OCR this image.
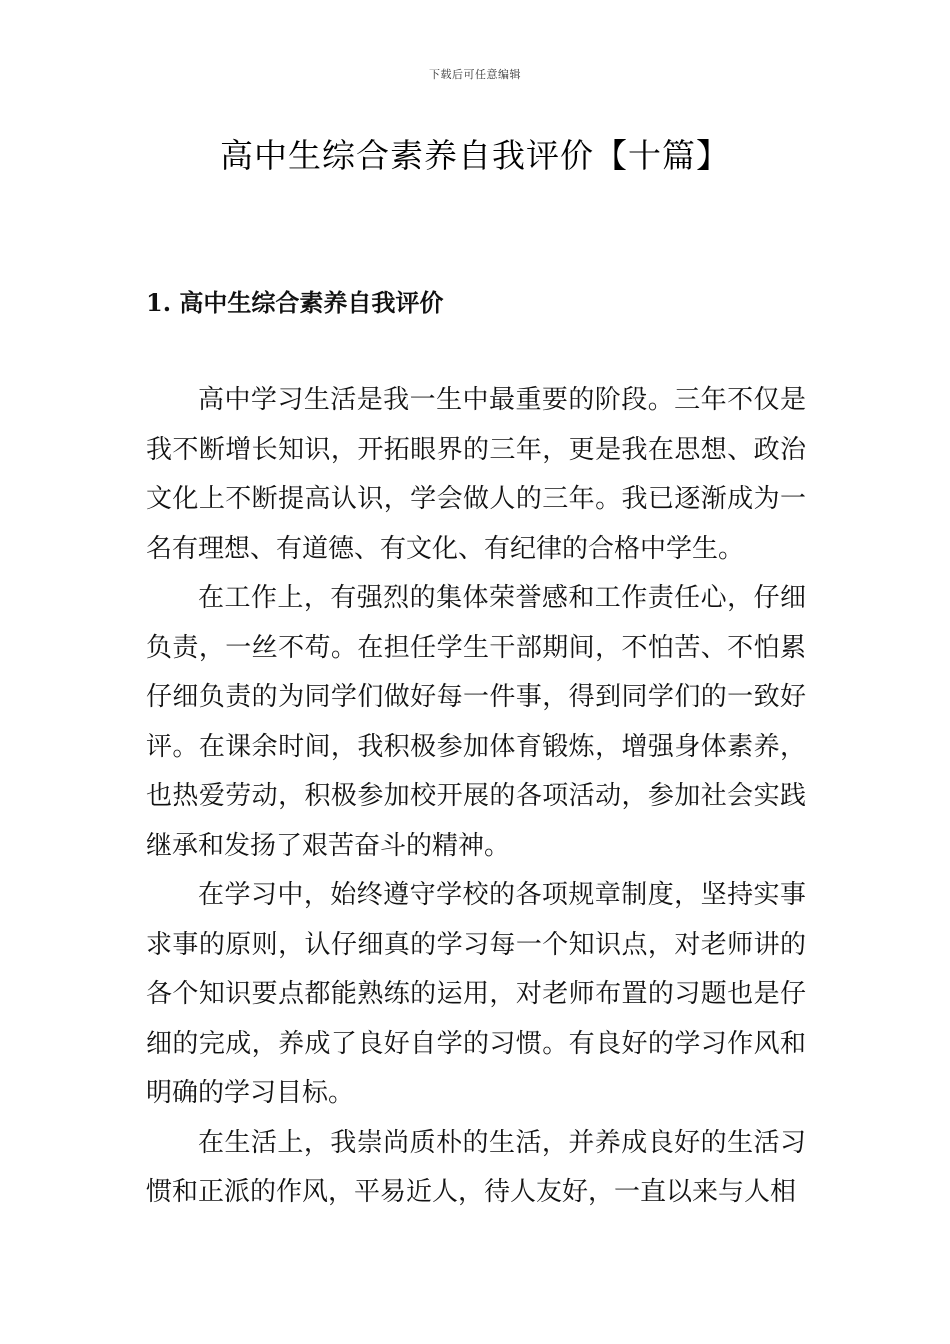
下载后可任意编辑
高中生综合素养自我评价【十篇】
1. 高中生综合素养自我评价

高中学习生活是我一生中最重要的阶段。三年不仅是我不断增长知识，开拓眼界的三年，更是我在思想、政治文化上不断提高认识，学会做人的三年。我已逐渐成为一名有理想、有道德、有文化、有纪律的合格中学生。

在工作上，有强烈的集体荣誉感和工作责任心，仔细负责，一丝不苟。在担任学生干部期间，不怕苦、不怕累仔细负责的为同学们做好每一件事，得到同学们的一致好评。在课余时间，我积极参加体育锻炼，增强身体素养，也热爱劳动，积极参加校开展的各项活动，参加社会实践继承和发扬了艰苦奋斗的精神。

在学习中，始终遵守学校的各项规章制度，坚持实事求事的原则，认仔细真的学习每一个知识点，对老师讲的各个知识要点都能熟练的运用，对老师布置的习题也是仔细的完成，养成了良好自学的习惯。有良好的学习作风和明确的学习目标。

在生活上，我崇尚质朴的生活，并养成良好的生活习惯和正派的作风，平易近人，待人友好，一直以来与人相
